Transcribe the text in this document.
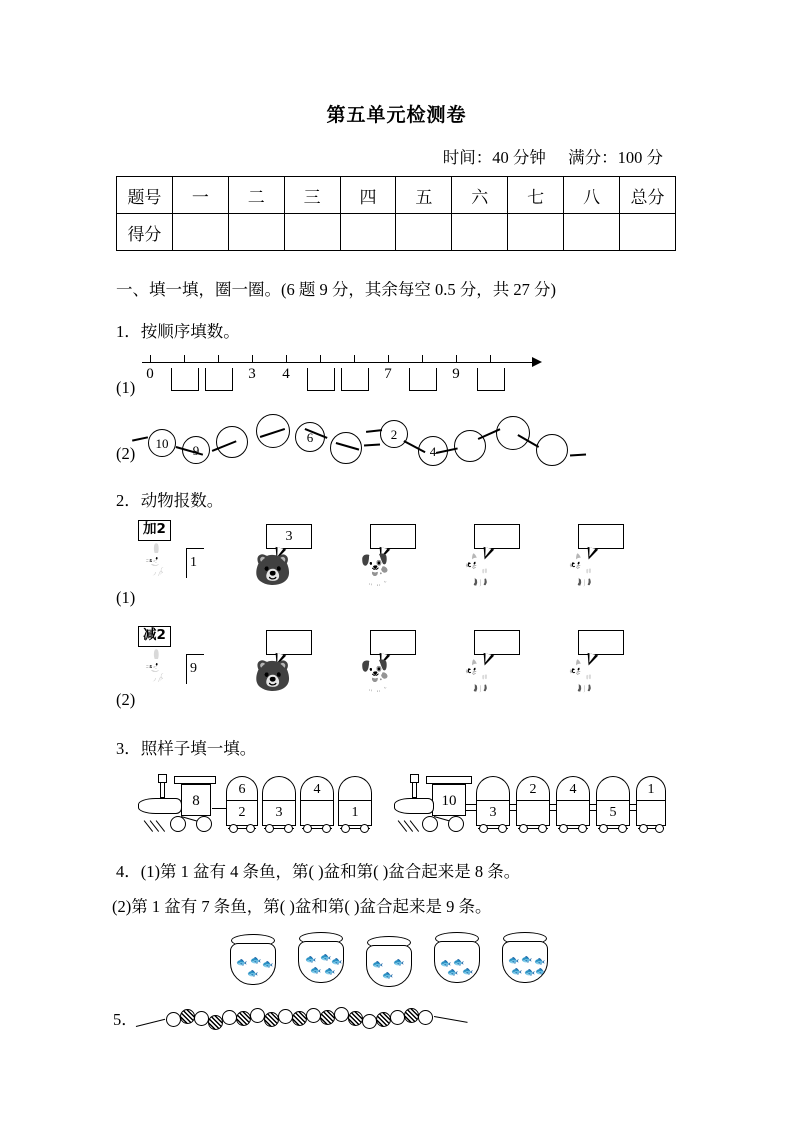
第五单元检测卷
时间：40 分钟 满分：100 分
题号	一	二	三	四	五	六	七	八	总分
得分									
一、填一填，圈一圈。(6 题 9 分，其余每空 0.5 分，共 27 分)
1．按顺序填数。
(1)
0	3	4	7	9
(2)
10	9
6	2
4
2．动物报数。
(1)
加2
🐇 1
3
🐻 🐕 🐈 🐈
(2)
减2
🐇 9 🐻 🐕 🐈 🐈
3．照样子填一填。
8
6
2	3
4
1
10
3
2	4
5
1
4．(1)第 1 盆有 4 条鱼，第( )盆和第( )盆合起来是 8 条。
(2)第 1 盆有 7 条鱼，第( )盆和第( )盆合起来是 9 条。
🐟 🐟 🐟
🐟
🐟 🐟 🐟
🐟 🐟
🐟 🐟
🐟
🐟 🐟
🐟 🐟
🐟 🐟 🐟
🐟 🐟 🐟
5．
